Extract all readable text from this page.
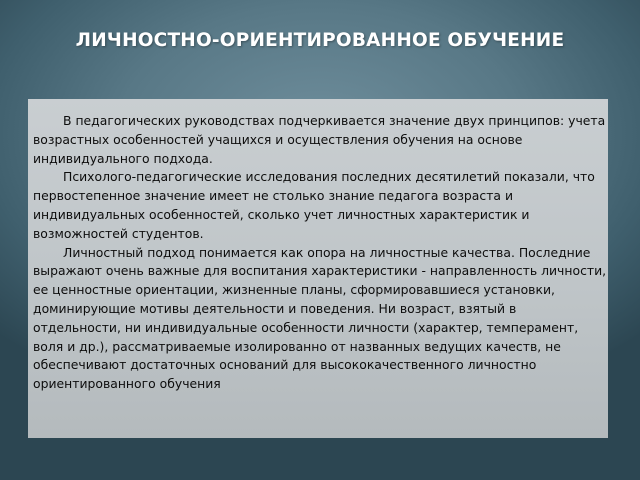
ЛИЧНОСТНО-ОРИЕНТИРОВАННОЕ ОБУЧЕНИЕ

В педагогических руководствах подчеркивается значение двух принципов: учета возрастных особенностей учащихся и осуществления обучения на основе индивидуального подхода.

Психолого-педагогические исследования последних десятилетий показали, что первостепенное значение имеет не столько знание педагога возраста и индивидуальных особенностей, сколько учет личностных характеристик и возможностей студентов.

Личностный подход понимается как опора на личностные качества. Последние выражают очень важные для воспитания характеристики - направленность личности, ее ценностные ориентации, жизненные планы, сформировавшиеся установки, доминирующие мотивы деятельности и поведения. Ни возраст, взятый в отдельности, ни индивидуальные особенности личности (характер, темперамент, воля и др.), рассматриваемые изолированно от названных ведущих качеств, не обеспечивают достаточных оснований для высококачественного личностно ориентированного обучения
